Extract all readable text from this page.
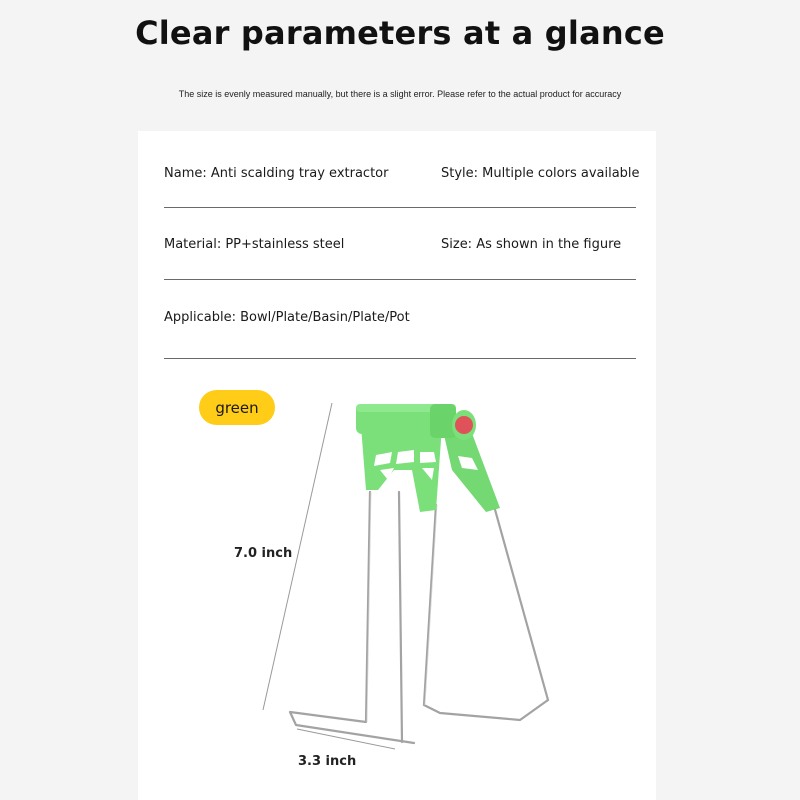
Clear parameters at a glance
The size is evenly measured manually, but there is a slight error. Please refer to the actual product for accuracy
Name: Anti scalding tray extractor	Style: Multiple colors available
Material: PP+stainless steel	Size: As shown in the figure
Applicable: Bowl/Plate/Basin/Plate/Pot
green
7.0 inch
3.3 inch
